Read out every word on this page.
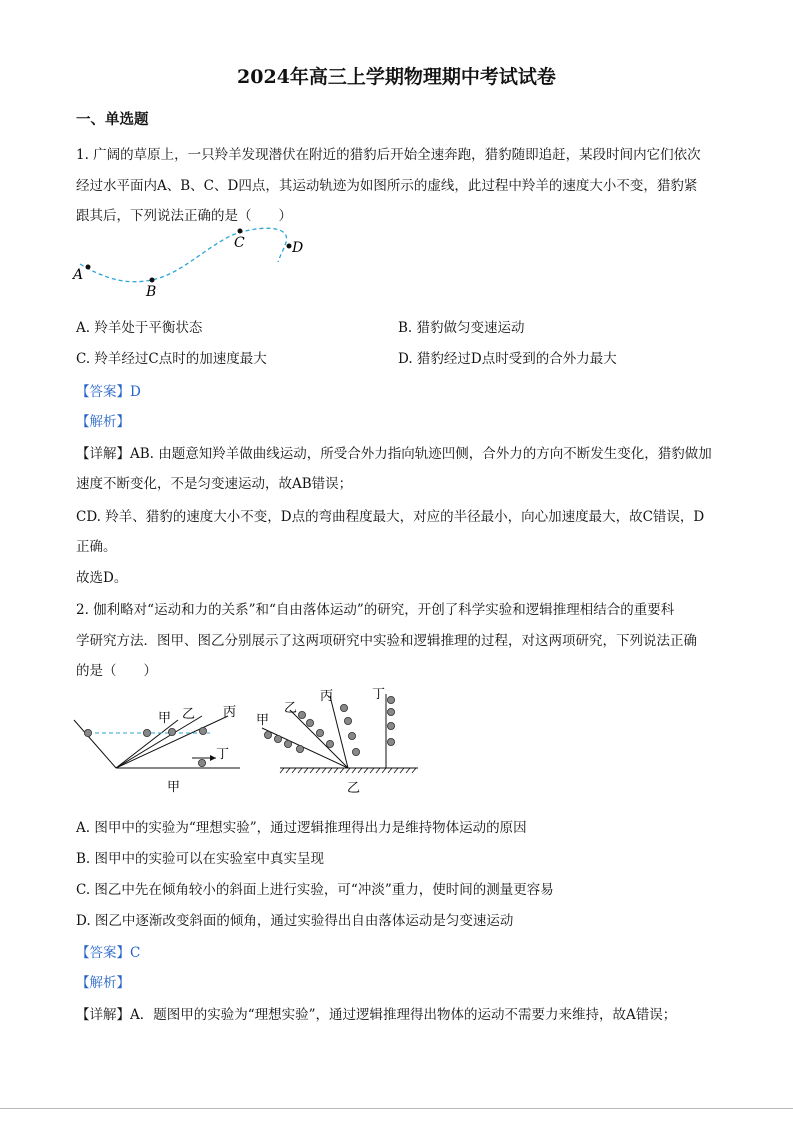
2024年高三上学期物理期中考试试卷
一、单选题
1. 广阔的草原上，一只羚羊发现潜伏在附近的猎豹后开始全速奔跑，猎豹随即追赶，某段时间内它们依次
经过水平面内A、B、C、D四点，其运动轨迹为如图所示的虚线，此过程中羚羊的速度大小不变，猎豹紧
跟其后，下列说法正确的是（　　）
A
B
C	D
A. 羚羊处于平衡状态	B. 猎豹做匀变速运动
C. 羚羊经过C点时的加速度最大	D. 猎豹经过D点时受到的合外力最大
【答案】D
【解析】
【详解】AB. 由题意知羚羊做曲线运动，所受合外力指向轨迹凹侧，合外力的方向不断发生变化，猎豹做加
速度不断变化，不是匀变速运动，故AB错误；
CD. 羚羊、猎豹的速度大小不变，D点的弯曲程度最大，对应的半径最小，向心加速度最大，故C错误，D
正确。
故选D。
2. 伽利略对“运动和力的关系”和“自由落体运动”的研究，开创了科学实验和逻辑推理相结合的重要科
学研究方法．图甲、图乙分别展示了这两项研究中实验和逻辑推理的过程，对这两项研究，下列说法正确
的是（　　）
甲 乙 丙
丁
甲
甲
乙
丙	丁
乙
A. 图甲中的实验为“理想实验”，通过逻辑推理得出力是维持物体运动的原因
B. 图甲中的实验可以在实验室中真实呈现
C. 图乙中先在倾角较小的斜面上进行实验，可“冲淡”重力，使时间的测量更容易
D. 图乙中逐渐改变斜面的倾角，通过实验得出自由落体运动是匀变速运动
【答案】C
【解析】
【详解】A．题图甲的实验为“理想实验”，通过逻辑推理得出物体的运动不需要力来维持，故A错误；
